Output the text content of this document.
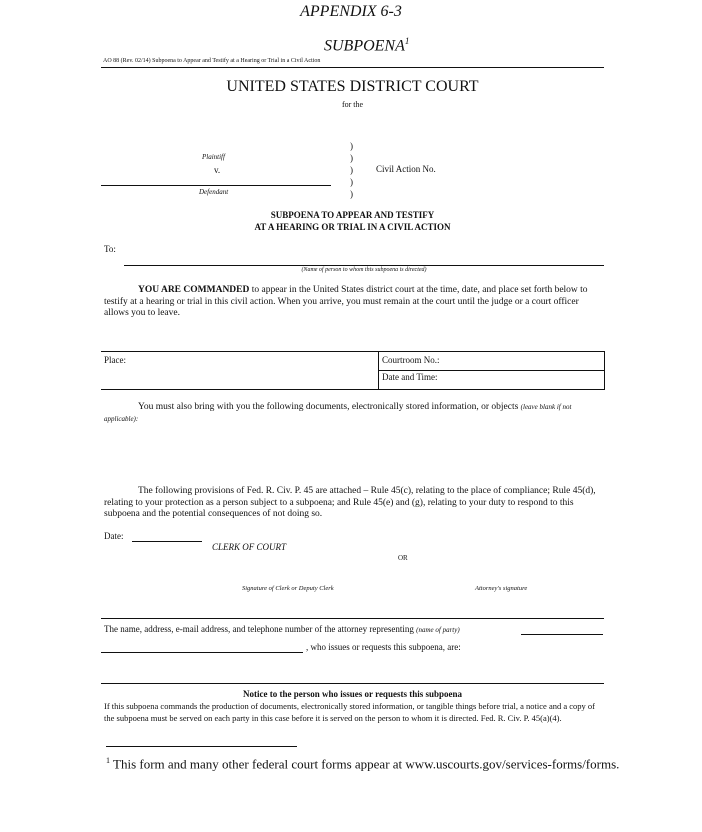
APPENDIX 6-3
SUBPOENA$^1$
AO 88 (Rev. 02/14) Subpoena to Appear and Testify at a Hearing or Trial in a Civil Action
UNITED STATES DISTRICT COURT
for the
)
)
)
)
)
Plaintiff
v.
Defendant
Civil Action No.
SUBPOENA TO APPEAR AND TESTIFY
AT A HEARING OR TRIAL IN A CIVIL ACTION
To:
(Name of person to whom this subpoena is directed)
YOU ARE COMMANDED to appear in the United States district court at the time, date, and place set forth below to testify at a hearing or trial in this civil action. When you arrive, you must remain at the court until the judge or a court officer allows you to leave.
Place:	Courtroom No.:
Date and Time:
You must also bring with you the following documents, electronically stored information, or objects (leave blank if not applicable):
The following provisions of Fed. R. Civ. P. 45 are attached – Rule 45(c), relating to the place of compliance; Rule 45(d), relating to your protection as a person subject to a subpoena; and Rule 45(e) and (g), relating to your duty to respond to this subpoena and the potential consequences of not doing so.
Date:
CLERK OF COURT
OR
Signature of Clerk or Deputy Clerk	Attorney's signature
The name, address, e-mail address, and telephone number of the attorney representing (name of party)
, who issues or requests this subpoena, are:
Notice to the person who issues or requests this subpoena
If this subpoena commands the production of documents, electronically stored information, or tangible things before trial, a notice and a copy of the subpoena must be served on each party in this case before it is served on the person to whom it is directed. Fed. R. Civ. P. 45(a)(4).
$^1$ This form and many other federal court forms appear at www.uscourts.gov/services-forms/forms.
